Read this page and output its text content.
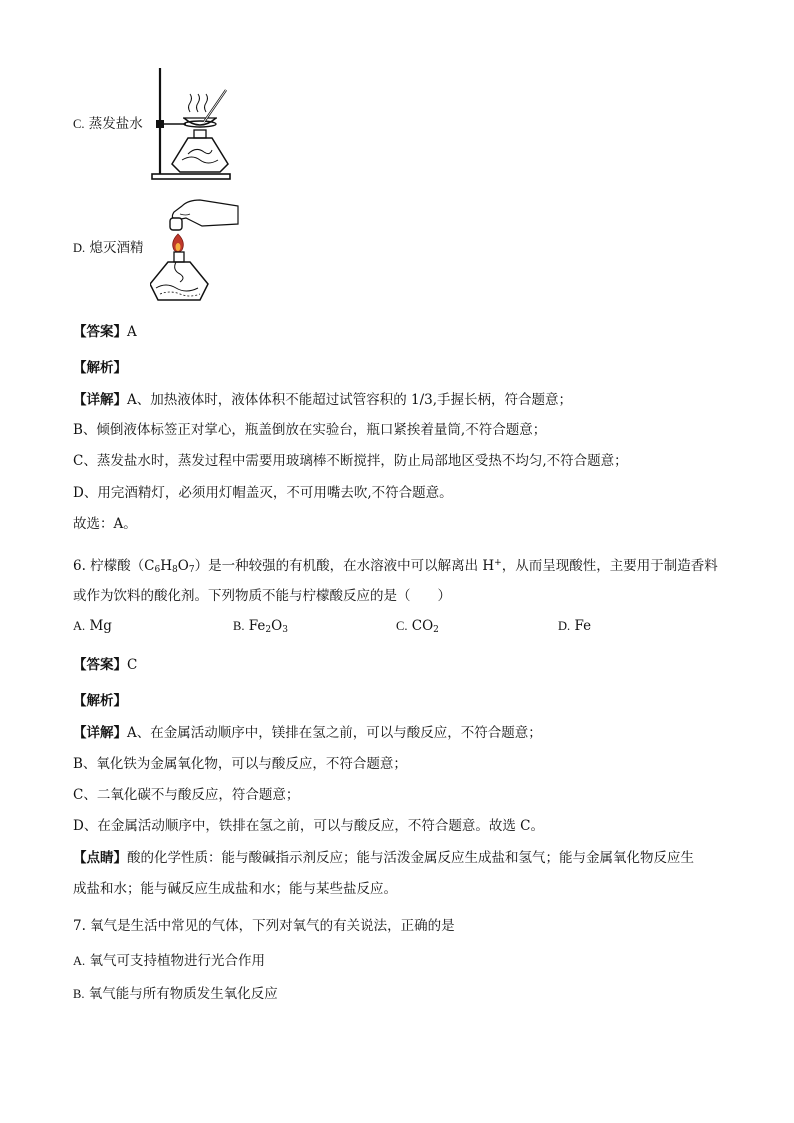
C. 蒸发盐水
D. 熄灭酒精
【答案】A
【解析】
【详解】A、加热液体时，液体体积不能超过试管容积的 1/3,手握长柄，符合题意；
B、倾倒液体标签正对掌心，瓶盖倒放在实验台，瓶口紧挨着量筒,不符合题意；
C、蒸发盐水时，蒸发过程中需要用玻璃棒不断搅拌，防止局部地区受热不均匀,不符合题意；
D、用完酒精灯，必须用灯帽盖灭，不可用嘴去吹,不符合题意。
故选：A。
6. 柠檬酸$(C_6H_8O_7)$是一种较强的有机酸，在水溶液中可以解离出 H+，从而呈现酸性，主要用于制造香料
或作为饮料的酸化剂。下列物质不能与柠檬酸反应的是（　　）
A. Mg	B. $Fe_2O_3$	C. $CO_2$	D. Fe
【答案】C
【解析】
【详解】A、在金属活动顺序中，镁排在氢之前，可以与酸反应，不符合题意；
B、氧化铁为金属氧化物，可以与酸反应，不符合题意；
C、二氧化碳不与酸反应，符合题意；
D、在金属活动顺序中，铁排在氢之前，可以与酸反应，不符合题意。故选 C。
【点睛】酸的化学性质：能与酸碱指示剂反应；能与活泼金属反应生成盐和氢气；能与金属氧化物反应生
成盐和水；能与碱反应生成盐和水；能与某些盐反应。
7. 氧气是生活中常见的气体，下列对氧气的有关说法，正确的是
A. 氧气可支持植物进行光合作用
B. 氧气能与所有物质发生氧化反应
